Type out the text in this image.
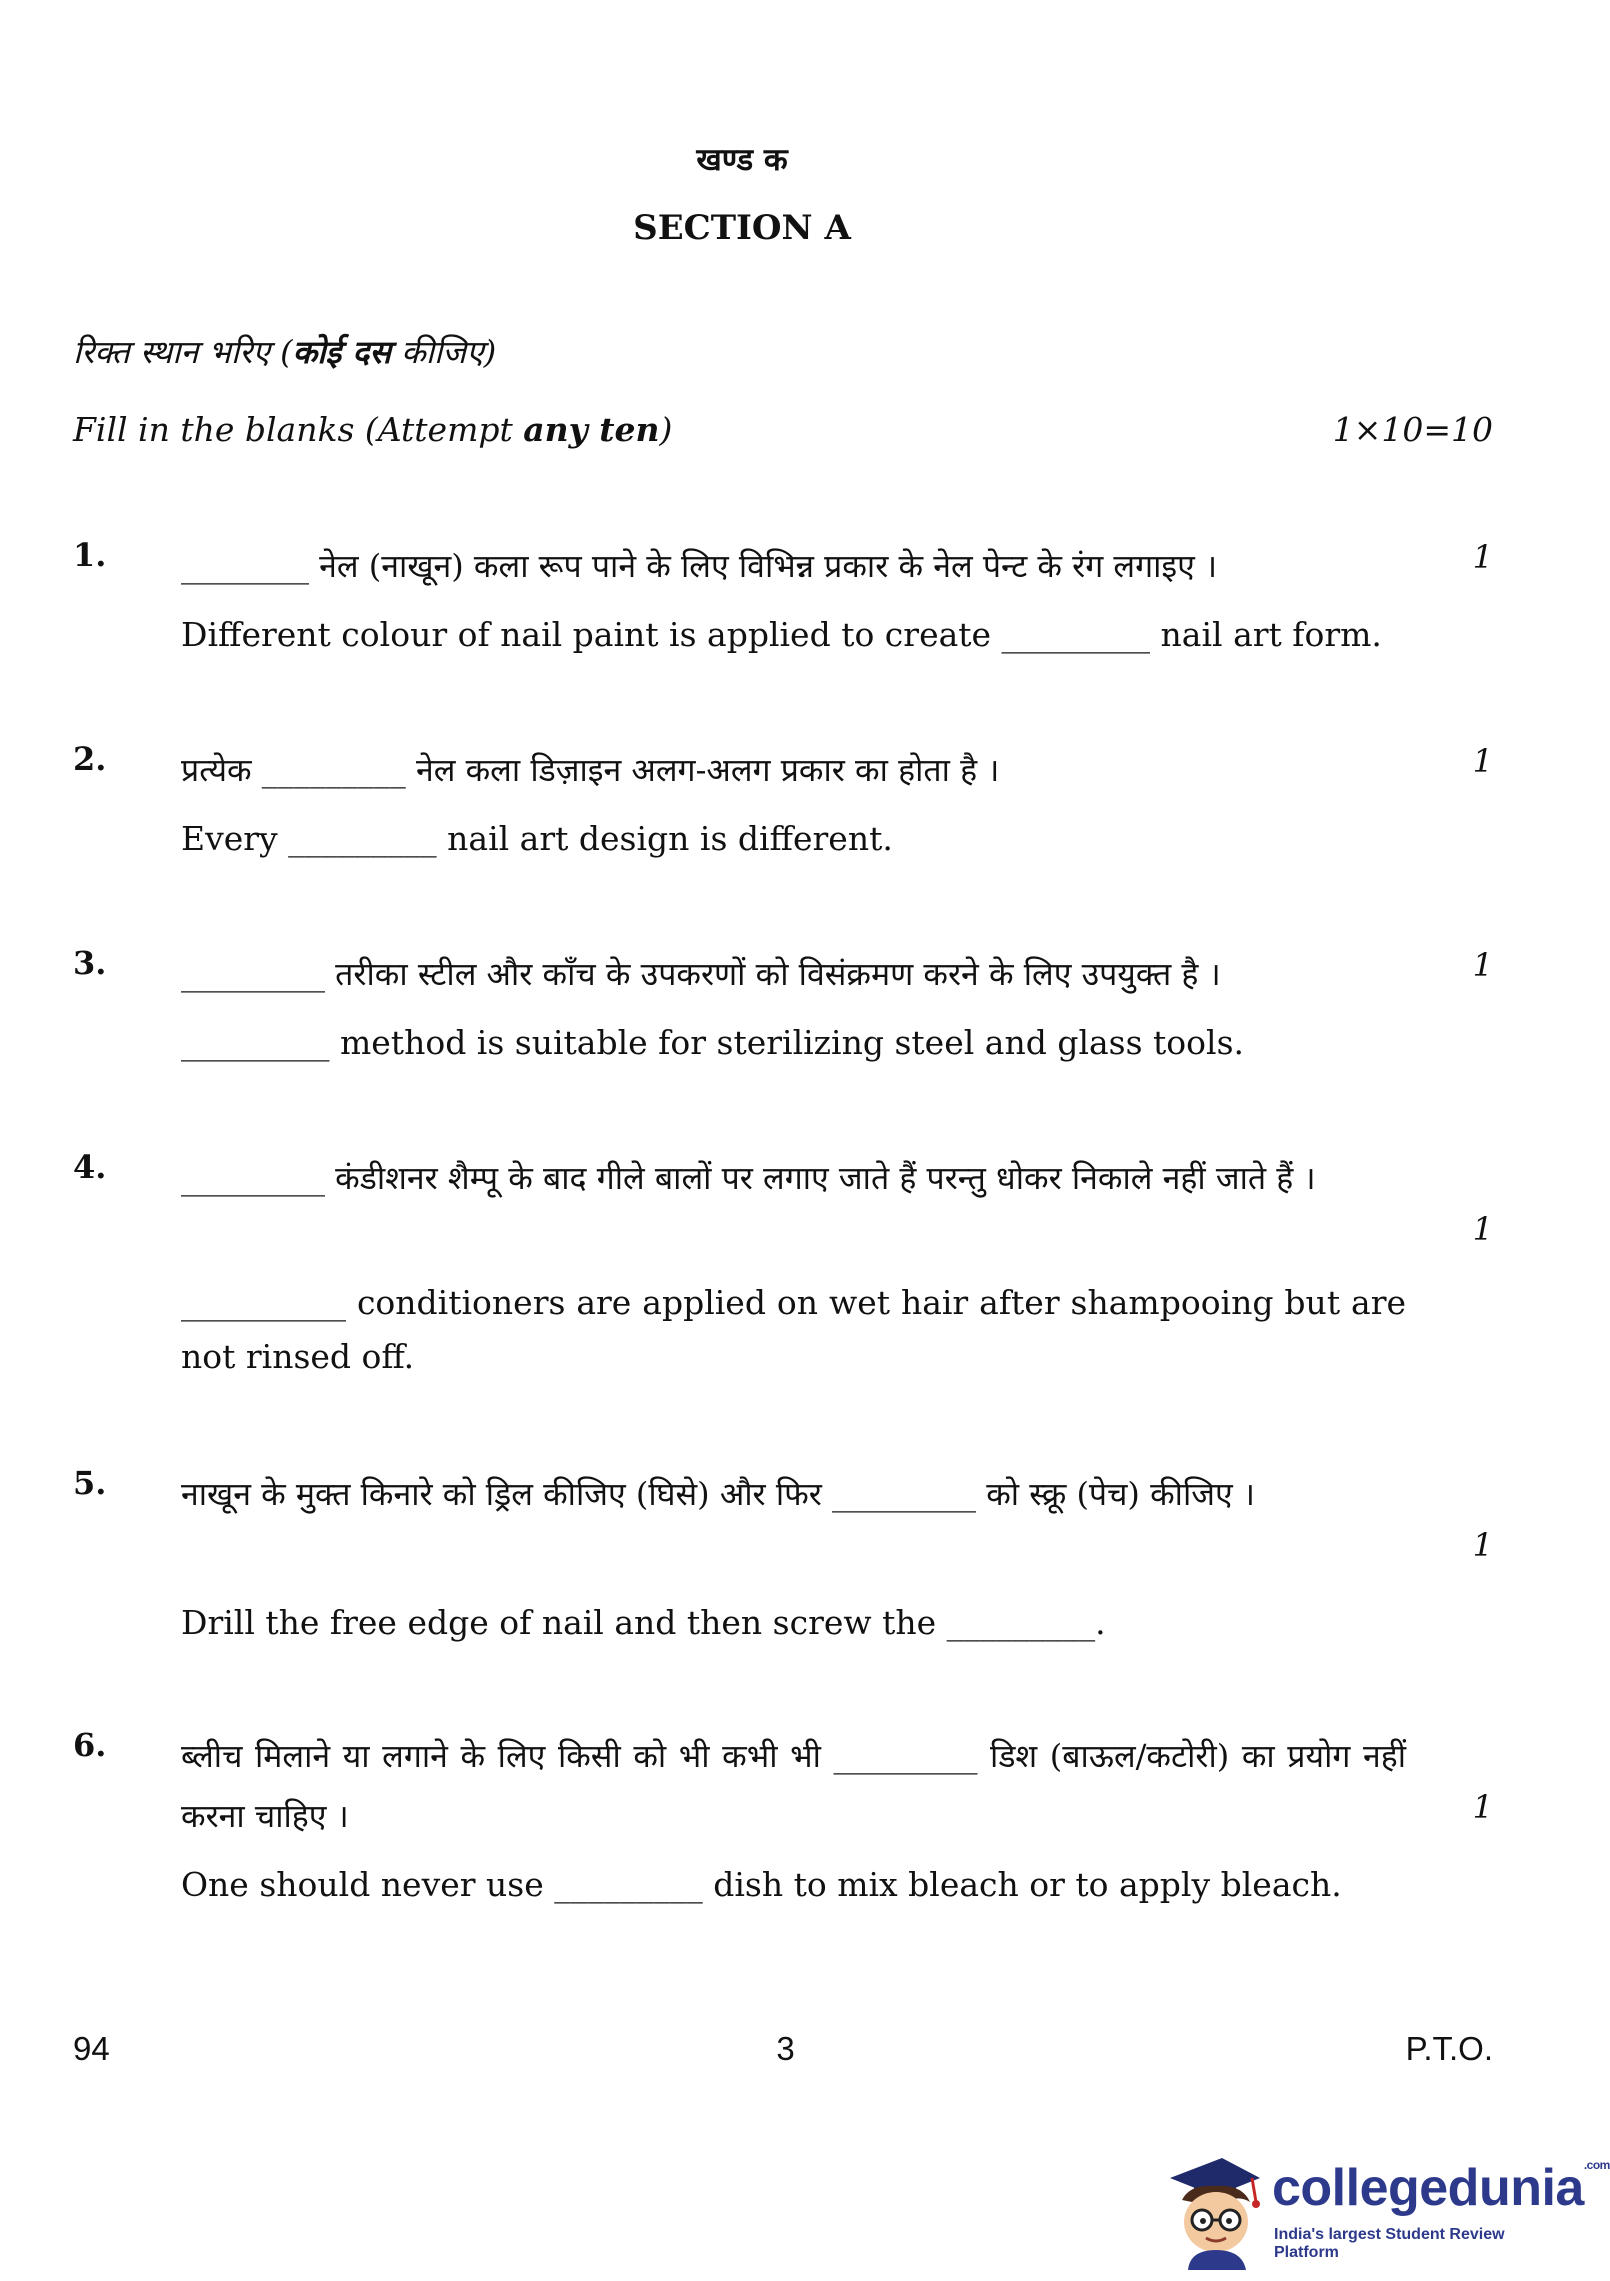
खण्ड क
SECTION A
रिक्त स्थान भरिए (कोई दस कीजिए)
Fill in the blanks (Attempt any ten)	1×10=10
1. ________ नेल (नाखून) कला रूप पाने के लिए विभिन्न प्रकार के नेल पेन्ट के रंग लगाइए ।
Different colour of nail paint is applied to create _________ nail art form.
1
2. प्रत्येक _________ नेल कला डिज़ाइन अलग-अलग प्रकार का होता है ।
Every _________ nail art design is different.
1
3. _________ तरीका स्टील और काँच के उपकरणों को विसंक्रमण करने के लिए उपयुक्त है ।
_________ method is suitable for sterilizing steel and glass tools.
1
4. _________ कंडीशनर शैम्पू के बाद गीले बालों पर लगाए जाते हैं परन्तु धोकर निकाले नहीं जाते हैं ।
__________ conditioners are applied on wet hair after shampooing but are not rinsed off.
1
5. नाखून के मुक्त किनारे को ड्रिल कीजिए (घिसे) और फिर _________ को स्क्रू (पेच) कीजिए ।
Drill the free edge of nail and then screw the _________.
1
6. ब्लीच मिलाने या लगाने के लिए किसी को भी कभी भी _________ डिश (बाऊल/कटोरी) का प्रयोग नहीं करना चाहिए ।
One should never use _________ dish to mix bleach or to apply bleach.
1
94	3	P.T.O.
collegedunia$^{.com}$
India's largest Student Review Platform
